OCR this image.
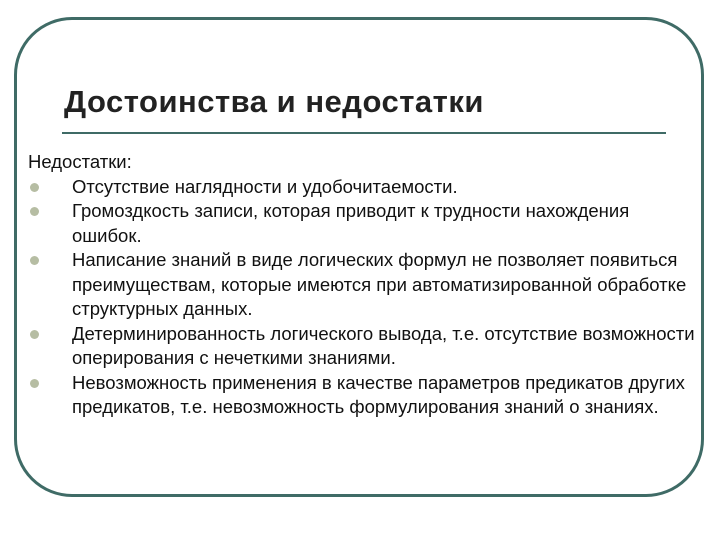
Достоинства и недостатки

Недостатки:

Отсутствие наглядности и удобочитаемости.
Громоздкость записи, которая приводит к трудности нахождения ошибок.
Написание знаний в виде логических формул не позволяет появиться преимуществам, которые имеются при автоматизированной обработке структурных данных.
Детерминированность логического вывода, т.е. отсутствие возможности оперирования с нечеткими знаниями.
Невозможность применения в качестве параметров предикатов других предикатов, т.е. невозможность формулирования знаний о знаниях.
